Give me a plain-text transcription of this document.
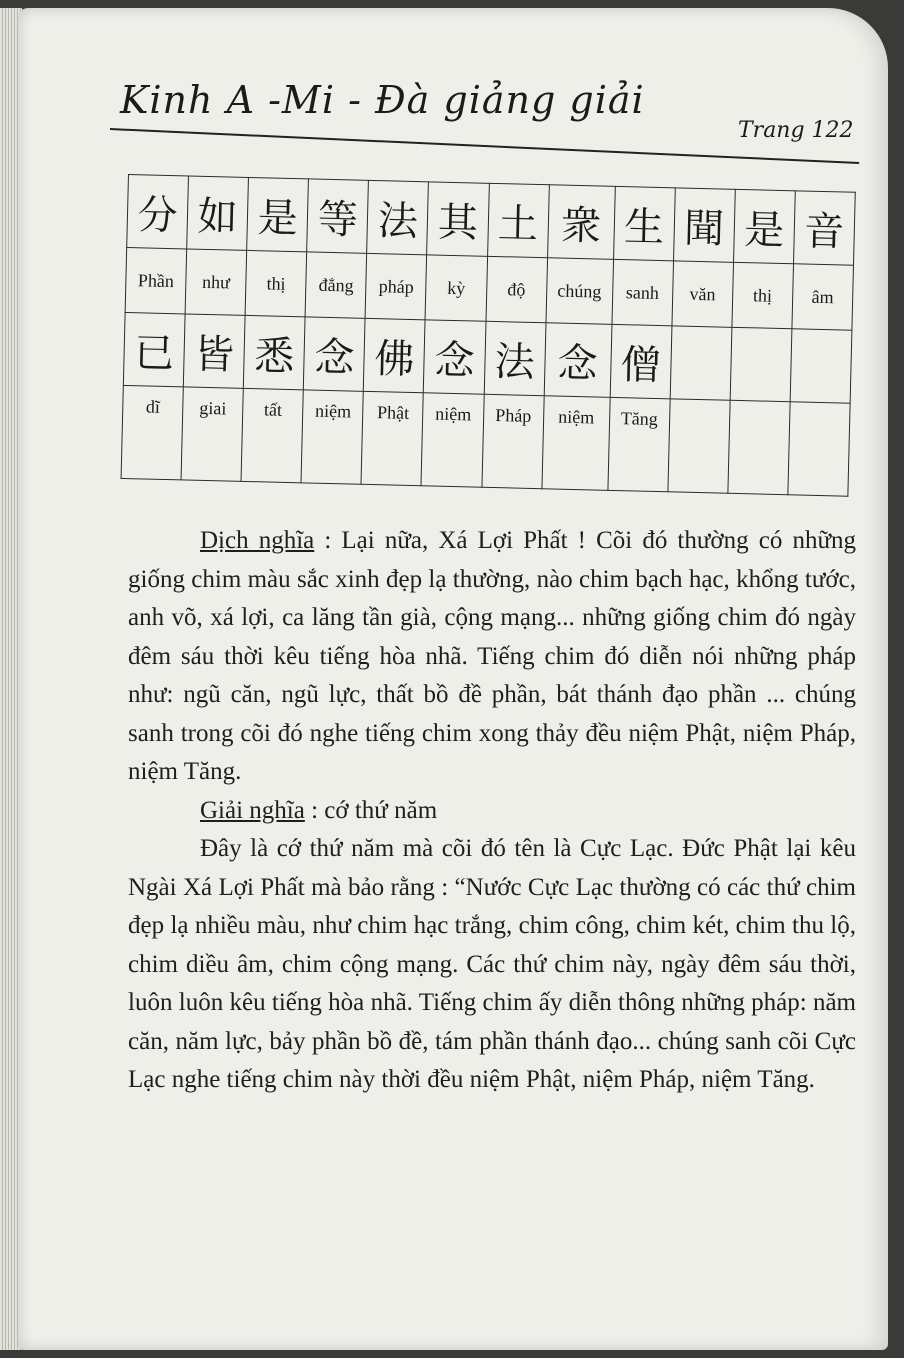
Kinh A -Mi - Đà giảng giải
Trang 122
分	如	是	等	法	其	土	衆	生	聞	是	音
Phần	như	thị	đẳng	pháp	kỳ	độ	chúng	sanh	văn	thị	âm
已	皆	悉	念	佛	念	法	念	僧			
dĩ	giai	tất	niệm	Phật	niệm	Pháp	niệm	Tăng			

Dịch nghĩa : Lại nữa, Xá Lợi Phất ! Cõi đó thường có những giống chim màu sắc xinh đẹp lạ thường, nào chim bạch hạc, khổng tước, anh võ, xá lợi, ca lăng tần già, cộng mạng... những giống chim đó ngày đêm sáu thời kêu tiếng hòa nhã. Tiếng chim đó diễn nói những pháp như: ngũ căn, ngũ lực, thất bồ đề phần, bát thánh đạo phần ... chúng sanh trong cõi đó nghe tiếng chim xong thảy đều niệm Phật, niệm Pháp, niệm Tăng.

Giải nghĩa : cớ thứ năm

Đây là cớ thứ năm mà cõi đó tên là Cực Lạc. Đức Phật lại kêu Ngài Xá Lợi Phất mà bảo rằng : “Nước Cực Lạc thường có các thứ chim đẹp lạ nhiều màu, như chim hạc trắng, chim công, chim két, chim thu lộ, chim diều âm, chim cộng mạng. Các thứ chim này, ngày đêm sáu thời, luôn luôn kêu tiếng hòa nhã. Tiếng chim ấy diễn thông những pháp: năm căn, năm lực, bảy phần bồ đề, tám phần thánh đạo... chúng sanh cõi Cực Lạc nghe tiếng chim này thời đều niệm Phật, niệm Pháp, niệm Tăng.
